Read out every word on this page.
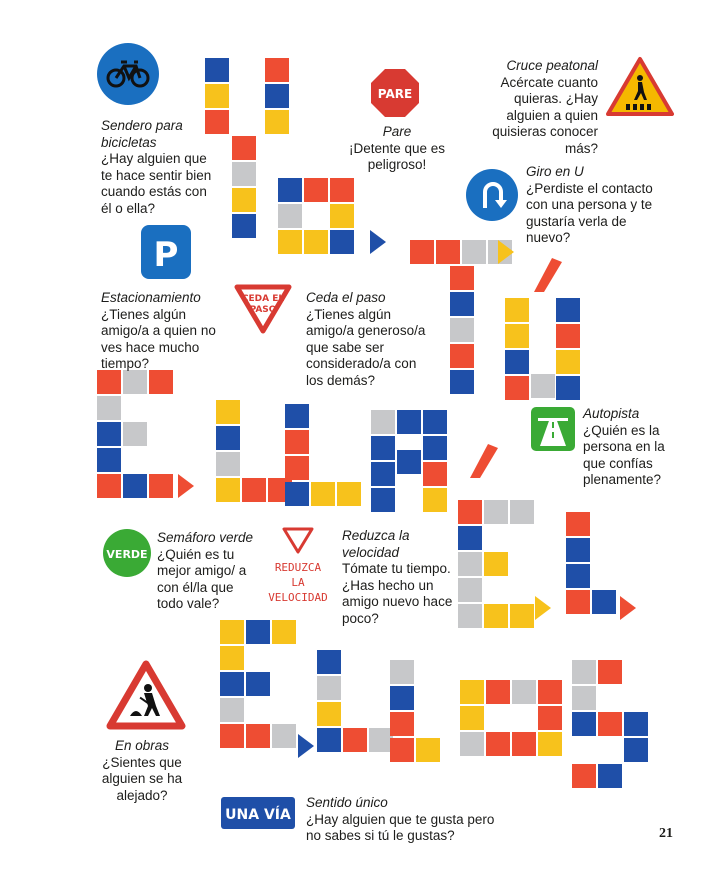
Sendero para bicicletas
¿Hay alguien que te hace sentir bien cuando estás con él o ella?
PARE
Pare
¡Detente que es peligroso!
Cruce peatonal
Acércate cuanto quieras. ¿Hay alguien a quien quisieras conocer más?
Giro en U
¿Perdiste el contacto con una persona y te gustaría verla de nuevo?
P
Estacionamiento
¿Tienes algún amigo/a a quien no ves hace mucho tiempo?
CEDA EL
PASO
Ceda el paso
¿Tienes algún amigo/a generoso/a que sabe ser considerado/a con los demás?
Autopista
¿Quién es la persona en la que confías plenamente?
VERDE
Semáforo verde
¿Quién es tu mejor amigo/ a con él/la que todo vale?
REDUZCA
LA
VELOCIDAD
Reduzca la velocidad
Tómate tu tiempo. ¿Has hecho un amigo nuevo hace poco?
En obras
¿Sientes que alguien se ha alejado?
UNA VÍA
Sentido único
¿Hay alguien que te gusta pero no sabes si tú le gustas?	21
